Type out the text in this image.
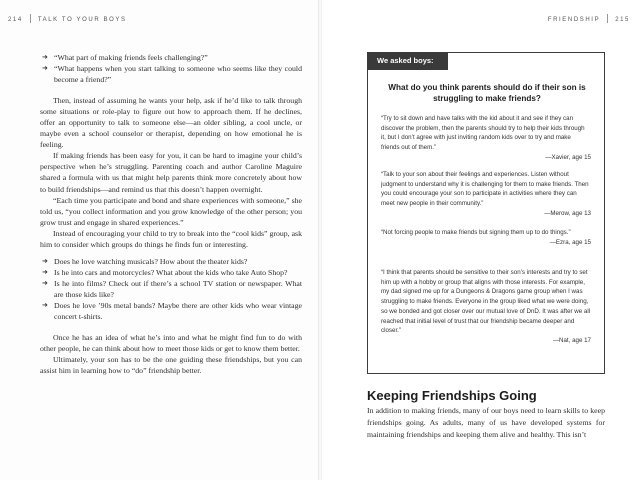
214	TALK TO YOUR BOYS	FRIENDSHIP	215

➜ “What part of making friends feels challenging?”

➜ “What happens when you start talking to someone who seems like they could become a friend?”

Then, instead of assuming he wants your help, ask if he’d like to talk through some situations or role-play to figure out how to approach them. If he declines, offer an opportunity to talk to someone else—an older sibling, a cool uncle, or maybe even a school counselor or therapist, depending on how emotional he is feeling.

If making friends has been easy for you, it can be hard to imagine your child’s perspective when he’s struggling. Parenting coach and author Caroline Maguire shared a formula with us that might help parents think more concretely about how to build friendships—and remind us that this doesn’t happen overnight.

“Each time you participate and bond and share experiences with someone,” she told us, “you collect information and you grow knowledge of the other person; you grow trust and engage in shared experiences.”

Instead of encouraging your child to try to break into the “cool kids” group, ask him to consider which groups do things he finds fun or interesting.

➜ Does he love watching musicals? How about the theater kids?

➜ Is he into cars and motorcycles? What about the kids who take Auto Shop?

➜ Is he into films? Check out if there’s a school TV station or newspaper. What are those kids like?

➜ Does he love ’90s metal bands? Maybe there are other kids who wear vintage concert t-shirts.

Once he has an idea of what he’s into and what he might find fun to do with other people, he can think about how to meet those kids or get to know them better.

Ultimately, your son has to be the one guiding these friendships, but you can assist him in learning how to “do” friendship better.

We asked boys:
What do you think parents should do if their son is struggling to make friends?

“Try to sit down and have talks with the kid about it and see if they can discover the problem, then the parents should try to help their kids through it, but I don’t agree with just inviting random kids over to try and make friends out of them.”

—Xavier, age 15

“Talk to your son about their feelings and experiences. Listen without judgment to understand why it is challenging for them to make friends. Then you could encourage your son to participate in activities where they can meet new people in their community.”

—Merow, age 13

“Not forcing people to make friends but signing them up to do things.”

—Ezra, age 15

“I think that parents should be sensitive to their son’s interests and try to set him up with a hobby or group that aligns with those interests. For example, my dad signed me up for a Dungeons & Dragons game group when I was struggling to make friends. Everyone in the group liked what we were doing, so we bonded and got closer over our mutual love of DnD. It was after we all reached that initial level of trust that our friendship became deeper and closer.”

—Nat, age 17

Keeping Friendships Going
In addition to making friends, many of our boys need to learn skills to keep friendships going. As adults, many of us have developed systems for maintaining friendships and keeping them alive and healthy. This isn’t
